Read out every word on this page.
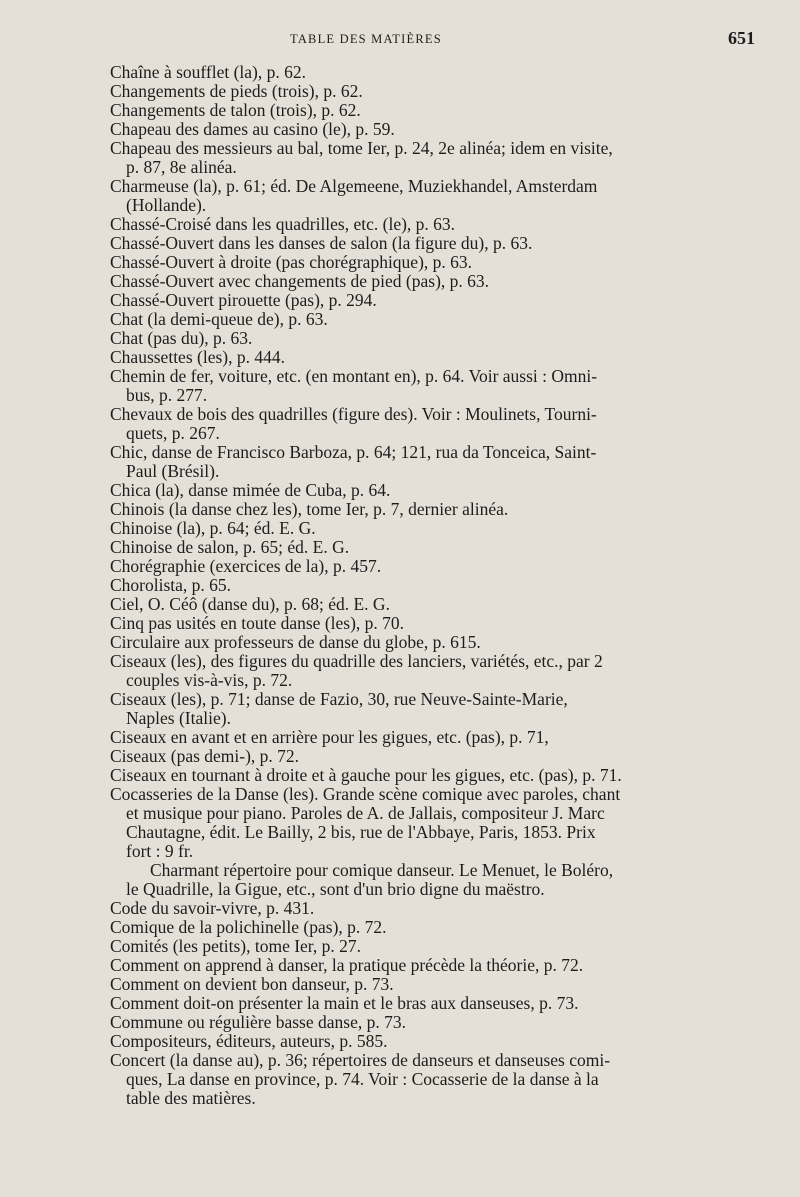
TABLE DES MATIÈRES	651
Chaîne à soufflet (la), p. 62.
Changements de pieds (trois), p. 62.
Changements de talon (trois), p. 62.
Chapeau des dames au casino (le), p. 59.
Chapeau des messieurs au bal, tome Ier, p. 24, 2e alinéa; idem en visite,
p. 87, 8e alinéa.
Charmeuse (la), p. 61; éd. De Algemeene, Muziekhandel, Amsterdam
(Hollande).
Chassé-Croisé dans les quadrilles, etc. (le), p. 63.
Chassé-Ouvert dans les danses de salon (la figure du), p. 63.
Chassé-Ouvert à droite (pas chorégraphique), p. 63.
Chassé-Ouvert avec changements de pied (pas), p. 63.
Chassé-Ouvert pirouette (pas), p. 294.
Chat (la demi-queue de), p. 63.
Chat (pas du), p. 63.
Chaussettes (les), p. 444.
Chemin de fer, voiture, etc. (en montant en), p. 64. Voir aussi : Omni-
bus, p. 277.
Chevaux de bois des quadrilles (figure des). Voir : Moulinets, Tourni-
quets, p. 267.
Chic, danse de Francisco Barboza, p. 64; 121, rua da Tonceica, Saint-
Paul (Brésil).
Chica (la), danse mimée de Cuba, p. 64.
Chinois (la danse chez les), tome Ier, p. 7, dernier alinéa.
Chinoise (la), p. 64; éd. E. G.
Chinoise de salon, p. 65; éd. E. G.
Chorégraphie (exercices de la), p. 457.
Chorolista, p. 65.
Ciel, O. Céô (danse du), p. 68; éd. E. G.
Cinq pas usités en toute danse (les), p. 70.
Circulaire aux professeurs de danse du globe, p. 615.
Ciseaux (les), des figures du quadrille des lanciers, variétés, etc., par 2
couples vis-à-vis, p. 72.
Ciseaux (les), p. 71; danse de Fazio, 30, rue Neuve-Sainte-Marie,
Naples (Italie).
Ciseaux en avant et en arrière pour les gigues, etc. (pas), p. 71,
Ciseaux (pas demi-), p. 72.
Ciseaux en tournant à droite et à gauche pour les gigues, etc. (pas), p. 71.
Cocasseries de la Danse (les). Grande scène comique avec paroles, chant
et musique pour piano. Paroles de A. de Jallais, compositeur J. Marc
Chautagne, édit. Le Bailly, 2 bis, rue de l'Abbaye, Paris, 1853. Prix
fort : 9 fr.
Charmant répertoire pour comique danseur. Le Menuet, le Boléro,
le Quadrille, la Gigue, etc., sont d'un brio digne du maëstro.
Code du savoir-vivre, p. 431.
Comique de la polichinelle (pas), p. 72.
Comités (les petits), tome Ier, p. 27.
Comment on apprend à danser, la pratique précède la théorie, p. 72.
Comment on devient bon danseur, p. 73.
Comment doit-on présenter la main et le bras aux danseuses, p. 73.
Commune ou régulière basse danse, p. 73.
Compositeurs, éditeurs, auteurs, p. 585.
Concert (la danse au), p. 36; répertoires de danseurs et danseuses comi-
ques, La danse en province, p. 74. Voir : Cocasserie de la danse à la
table des matières.
